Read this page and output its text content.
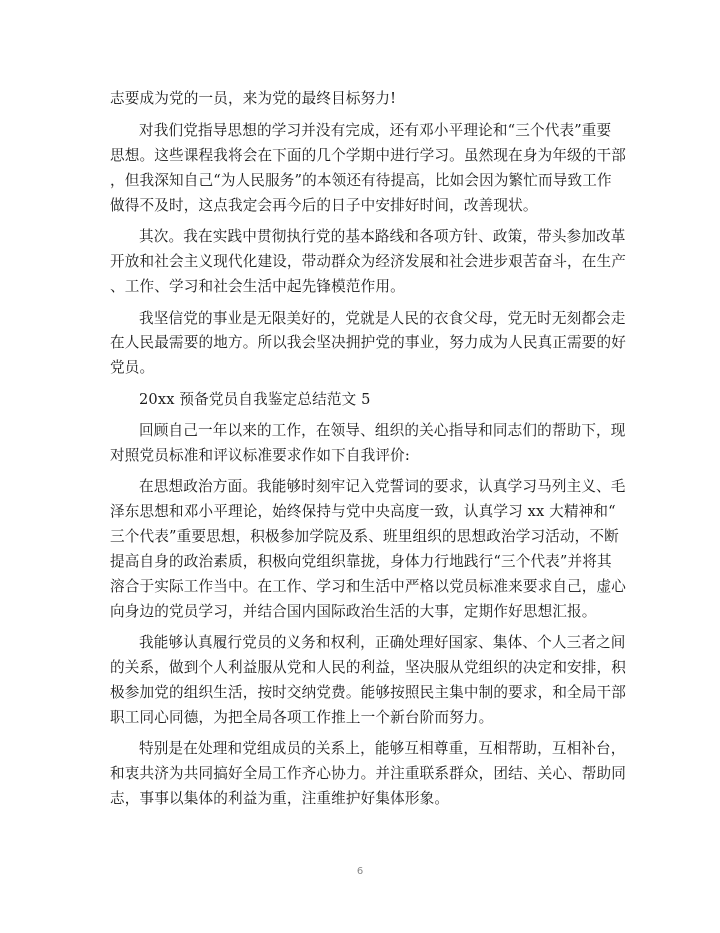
志要成为党的一员，来为党的最终目标努力!
对我们党指导思想的学习并没有完成，还有邓小平理论和“三个代表”重要
思想。这些课程我将会在下面的几个学期中进行学习。虽然现在身为年级的干部
，但我深知自己“为人民服务”的本领还有待提高，比如会因为繁忙而导致工作
做得不及时，这点我定会再今后的日子中安排好时间，改善现状。
其次。我在实践中贯彻执行党的基本路线和各项方针、政策，带头参加改革
开放和社会主义现代化建设，带动群众为经济发展和社会进步艰苦奋斗，在生产
、工作、学习和社会生活中起先锋模范作用。
我坚信党的事业是无限美好的，党就是人民的衣食父母，党无时无刻都会走
在人民最需要的地方。所以我会坚决拥护党的事业，努力成为人民真正需要的好
党员。
20xx 预备党员自我鉴定总结范文 5
回顾自己一年以来的工作，在领导、组织的关心指导和同志们的帮助下，现
对照党员标准和评议标准要求作如下自我评价:
在思想政治方面。我能够时刻牢记入党誓词的要求，认真学习马列主义、毛
泽东思想和邓小平理论，始终保持与党中央高度一致，认真学习 xx 大精神和“
三个代表”重要思想，积极参加学院及系、班里组织的思想政治学习活动，不断
提高自身的政治素质，积极向党组织靠拢，身体力行地践行“三个代表”并将其
溶合于实际工作当中。在工作、学习和生活中严格以党员标准来要求自己，虚心
向身边的党员学习，并结合国内国际政治生活的大事，定期作好思想汇报。
我能够认真履行党员的义务和权利，正确处理好国家、集体、个人三者之间
的关系，做到个人利益服从党和人民的利益，坚决服从党组织的决定和安排，积
极参加党的组织生活，按时交纳党费。能够按照民主集中制的要求，和全局干部
职工同心同德，为把全局各项工作推上一个新台阶而努力。
特别是在处理和党组成员的关系上，能够互相尊重，互相帮助，互相补台，
和衷共济为共同搞好全局工作齐心协力。并注重联系群众，团结、关心、帮助同
志，事事以集体的利益为重，注重维护好集体形象。
6
